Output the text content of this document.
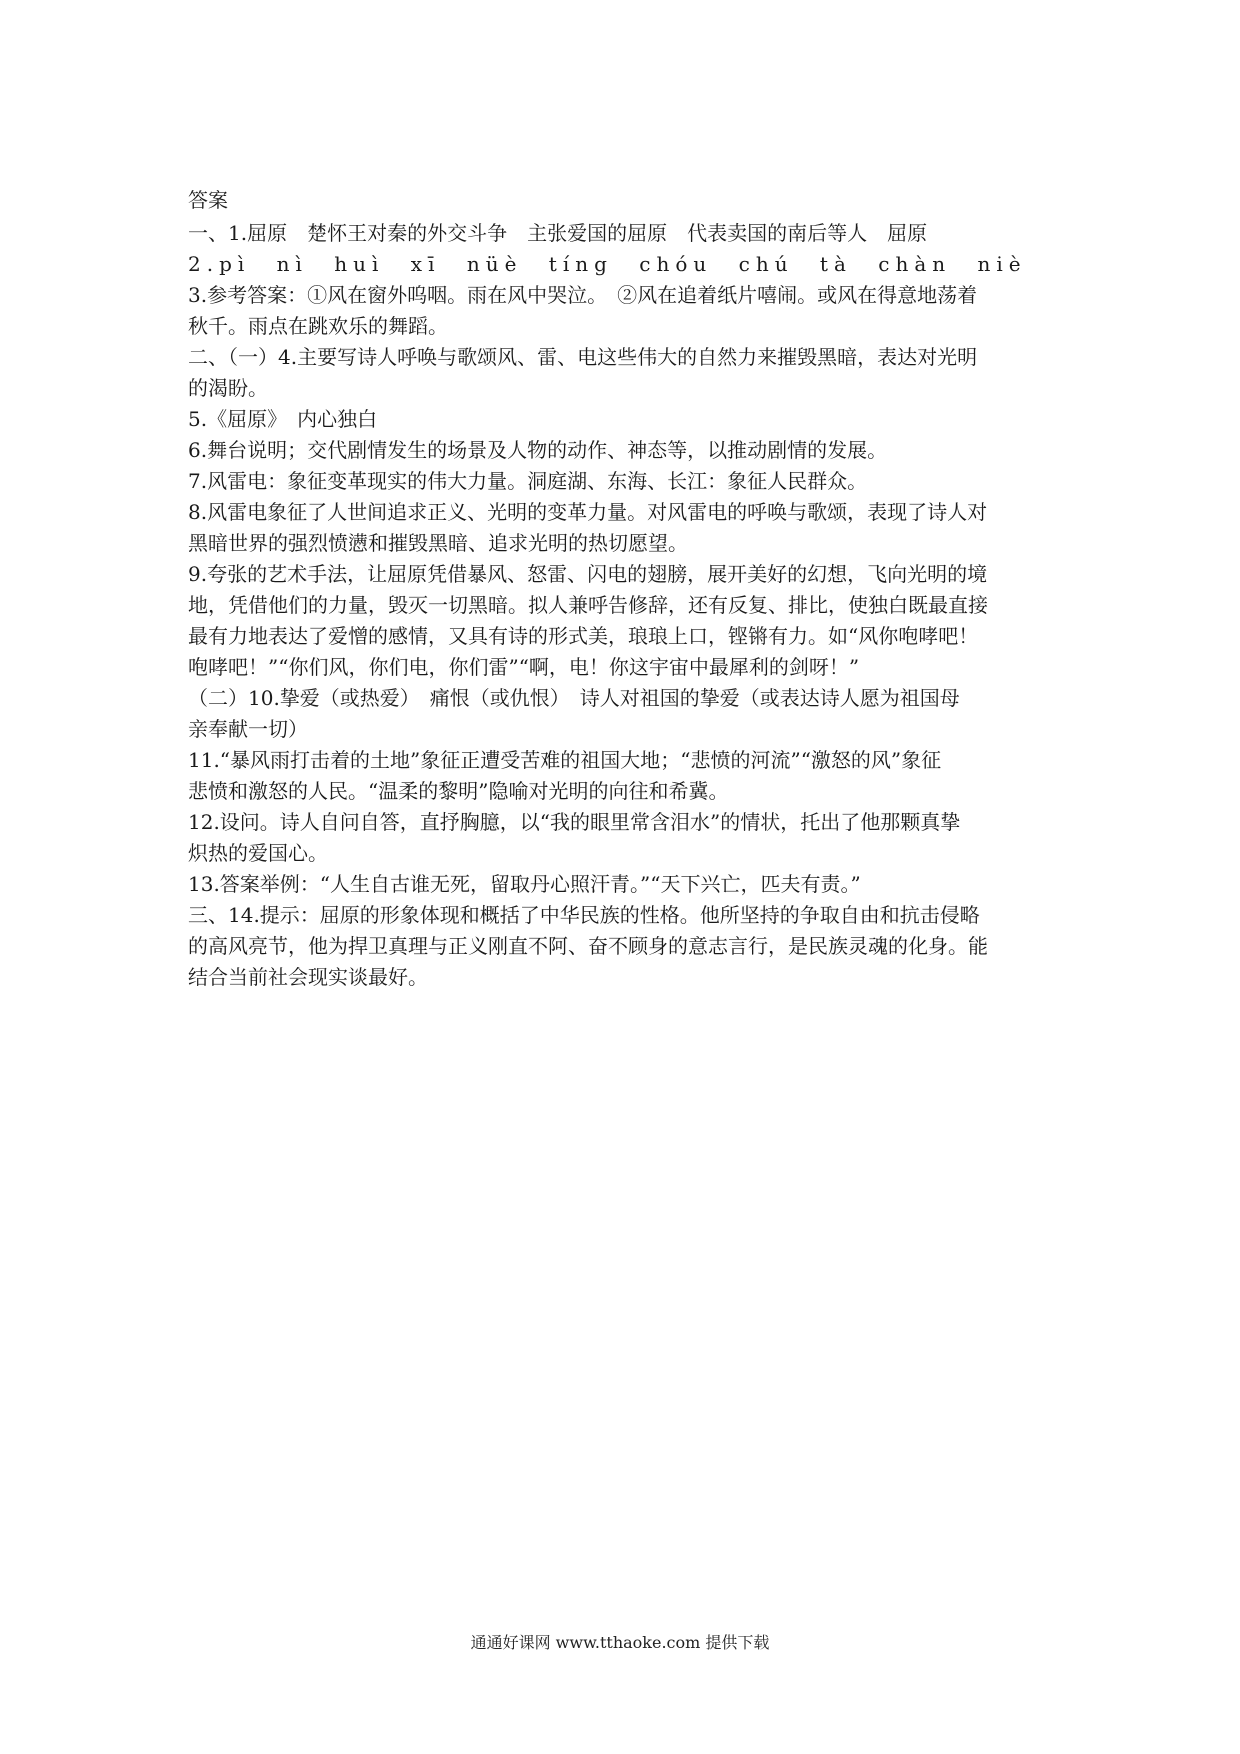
答案

一、1.屈原　楚怀王对秦的外交斗争　主张爱国的屈原　代表卖国的南后等人　屈原

2.pì nì huì xī nüè tíng chóu chú tà chàn niè

3.参考答案：①风在窗外呜咽。雨在风中哭泣。　②风在追着纸片嘻闹。或风在得意地荡着

秋千。雨点在跳欢乐的舞蹈。

二、（一）4.主要写诗人呼唤与歌颂风、雷、电这些伟大的自然力来摧毁黑暗，表达对光明

的渴盼。

5.《屈原》　内心独白

6.舞台说明；交代剧情发生的场景及人物的动作、神态等，以推动剧情的发展。

7.风雷电：象征变革现实的伟大力量。洞庭湖、东海、长江：象征人民群众。

8.风雷电象征了人世间追求正义、光明的变革力量。对风雷电的呼唤与歌颂，表现了诗人对

黑暗世界的强烈愤懑和摧毁黑暗、追求光明的热切愿望。

9.夸张的艺术手法，让屈原凭借暴风、怒雷、闪电的翅膀，展开美好的幻想，飞向光明的境

地，凭借他们的力量，毁灭一切黑暗。拟人兼呼告修辞，还有反复、排比，使独白既最直接

最有力地表达了爱憎的感情，又具有诗的形式美，琅琅上口，铿锵有力。如“风你咆哮吧！

咆哮吧！”“你们风，你们电，你们雷”“啊，电！你这宇宙中最犀利的剑呀！”

（二）10.挚爱（或热爱）　痛恨（或仇恨）　诗人对祖国的挚爱（或表达诗人愿为祖国母

亲奉献一切）

11.“暴风雨打击着的土地”象征正遭受苦难的祖国大地；“悲愤的河流”“激怒的风”象征

悲愤和激怒的人民。“温柔的黎明”隐喻对光明的向往和希冀。

12.设问。诗人自问自答，直抒胸臆，以“我的眼里常含泪水”的情状，托出了他那颗真挚

炽热的爱国心。

13.答案举例：“人生自古谁无死，留取丹心照汗青。”“天下兴亡，匹夫有责。”

三、14.提示：屈原的形象体现和概括了中华民族的性格。他所坚持的争取自由和抗击侵略

的高风亮节，他为捍卫真理与正义刚直不阿、奋不顾身的意志言行，是民族灵魂的化身。能

结合当前社会现实谈最好。

通通好课网 www.tthaoke.com 提供下载
